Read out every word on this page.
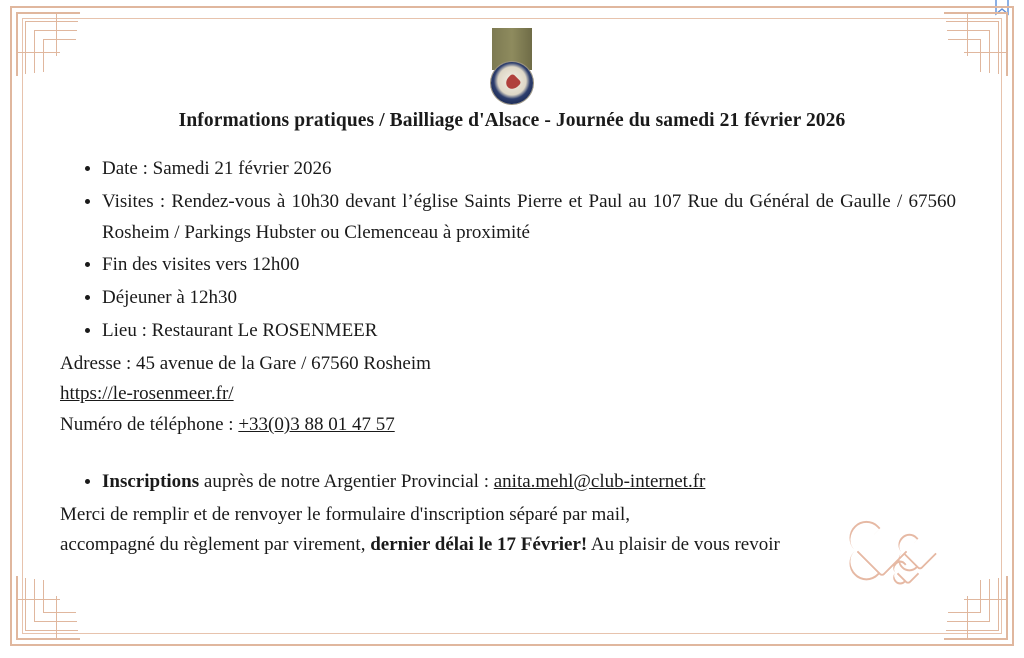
Informations pratiques / Bailliage d'Alsace - Journée du samedi 21 février 2026
• Date : Samedi 21 février 2026
• Visites : Rendez-vous à 10h30 devant l’église Saints Pierre et Paul au 107 Rue du Général de Gaulle / 67560 Rosheim / Parkings Hubster ou Clemenceau à proximité
• Fin des visites vers 12h00
• Déjeuner à 12h30
• Lieu : Restaurant Le ROSENMEER

Adresse : 45 avenue de la Gare / 67560 Rosheim

https://le-rosenmeer.fr/

Numéro de téléphone : +33(0)3 88 01 47 57

• Inscriptions auprès de notre Argentier Provincial : anita.mehl@club-internet.fr

Merci de remplir et de renvoyer le formulaire d'inscription séparé par mail,

accompagné du règlement par virement, dernier délai le 17 Février! Au plaisir de vous revoir
